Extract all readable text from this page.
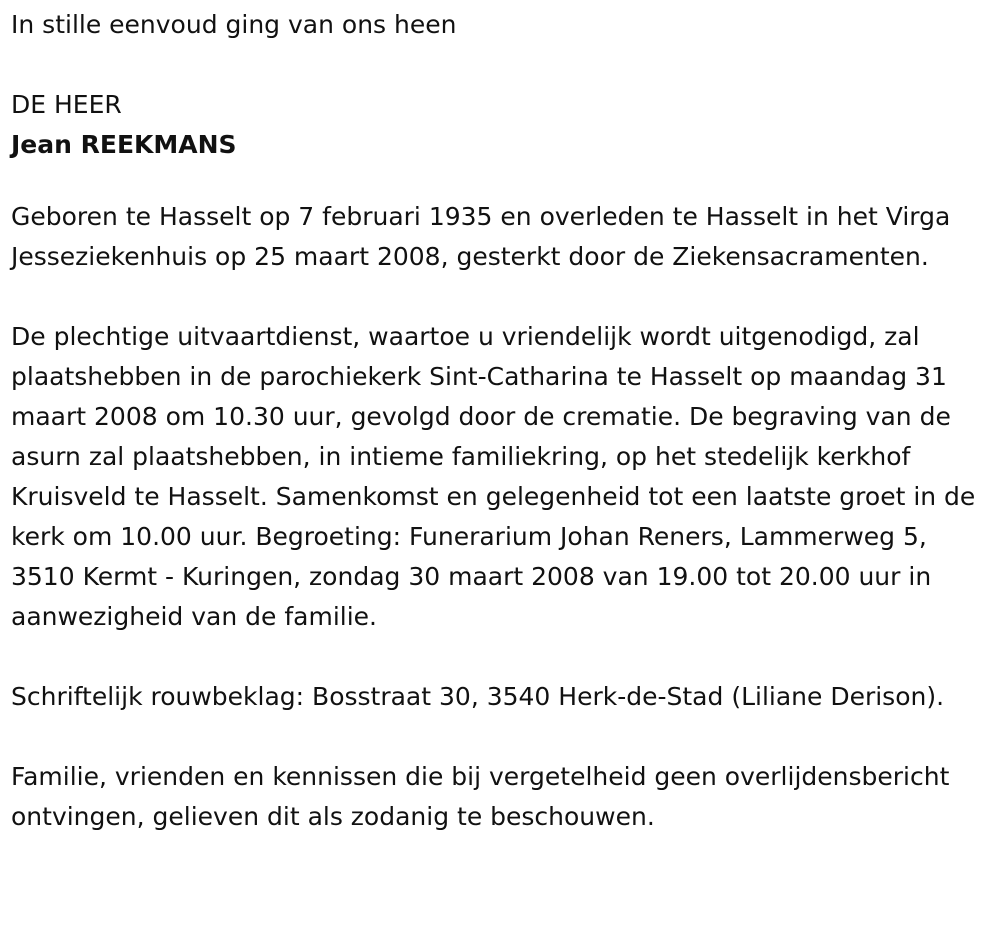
In stille eenvoud ging van ons heen

DE HEER

Jean REEKMANS

Geboren te Hasselt op 7 februari 1935 en overleden te Hasselt in het Virga Jesseziekenhuis op 25 maart 2008, gesterkt door de Ziekensacramenten.

De plechtige uitvaartdienst, waartoe u vriendelijk wordt uitgenodigd, zal plaatshebben in de parochiekerk Sint-Catharina te Hasselt op maandag 31 maart 2008 om 10.30 uur, gevolgd door de crematie. De begraving van de asurn zal plaatshebben, in intieme familiekring, op het stedelijk kerkhof Kruisveld te Hasselt. Samenkomst en gelegenheid tot een laatste groet in de kerk om 10.00 uur. Begroeting: Funerarium Johan Reners, Lammerweg 5, 3510 Kermt - Kuringen, zondag 30 maart 2008 van 19.00 tot 20.00 uur in aanwezigheid van de familie.

Schriftelijk rouwbeklag: Bosstraat 30, 3540 Herk-de-Stad (Liliane Derison).

Familie, vrienden en kennissen die bij vergetelheid geen overlijdensbericht ontvingen, gelieven dit als zodanig te beschouwen.
